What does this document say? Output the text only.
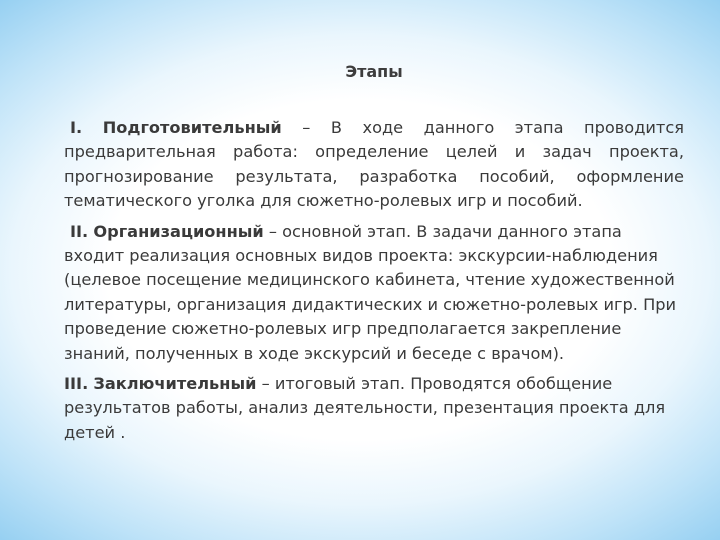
Этапы

I. Подготовительный – В ходе данного этапа проводится предварительная работа: определение целей и задач проекта, прогнозирование результата, разработка пособий, оформление тематического уголка для сюжетно-ролевых игр и пособий.

II. Организационный – основной этап. В задачи данного этапа входит реализация основных видов проекта: экскурсии-наблюдения (целевое посещение медицинского кабинета, чтение художественной литературы, организация дидактических и сюжетно-ролевых игр. При проведение сюжетно-ролевых игр предполагается закрепление знаний, полученных в ходе экскурсий и беседе с врачом).

III. Заключительный – итоговый этап. Проводятся обобщение результатов работы, анализ деятельности, презентация проекта для детей .
